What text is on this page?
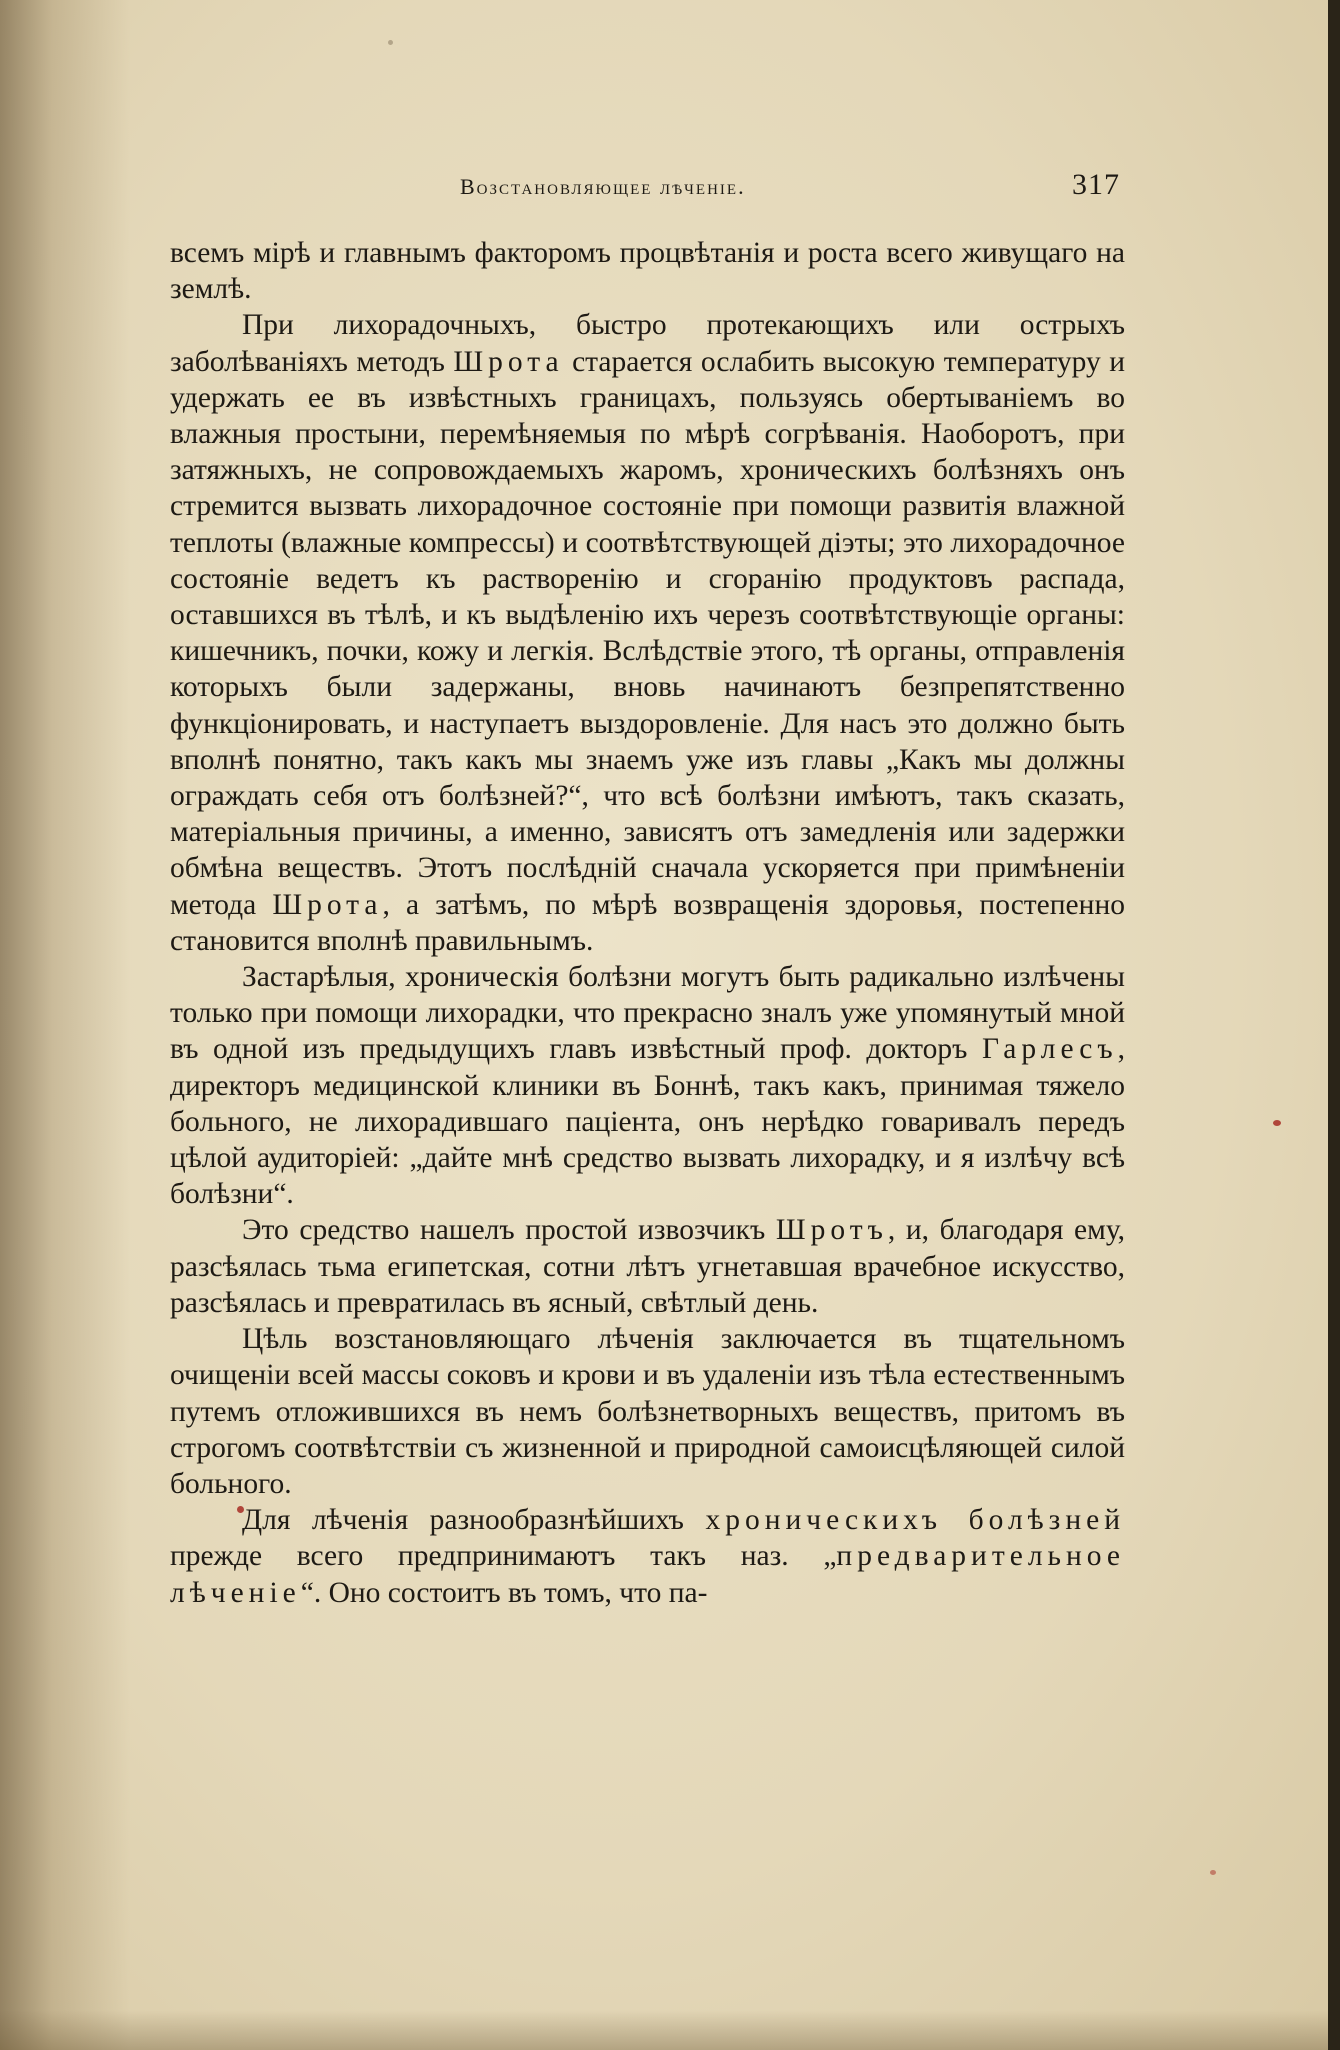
Возстановляющее лѣченіе.	317

всемъ мірѣ и главнымъ факторомъ процвѣтанія и роста всего живущаго на землѣ.

При лихорадочныхъ, быстро протекающихъ или острыхъ заболѣваніяхъ методъ Шрота старается ослабить высокую температуру и удержать ее въ извѣстныхъ границахъ, пользуясь обертываніемъ во влажныя простыни, перемѣняемыя по мѣрѣ согрѣванія. Наоборотъ, при затяжныхъ, не сопровождаемыхъ жаромъ, хроническихъ болѣзняхъ онъ стремится вызвать лихорадочное состояніе при помощи развитія влажной теплоты (влажные компрессы) и соотвѣтствующей діэты; это лихорадочное состояніе ведетъ къ растворенію и сгоранію продуктовъ распада, оставшихся въ тѣлѣ, и къ выдѣленію ихъ черезъ соотвѣтствующіе органы: кишечникъ, почки, кожу и легкія. Вслѣдствіе этого, тѣ органы, отправленія которыхъ были задержаны, вновь начинаютъ безпрепятственно функціонировать, и наступаетъ выздоровленіе. Для насъ это должно быть вполнѣ понятно, такъ какъ мы знаемъ уже изъ главы „Какъ мы должны ограждать себя отъ болѣзней?“, что всѣ болѣзни имѣютъ, такъ сказать, матеріальныя причины, а именно, зависятъ отъ замедленія или задержки обмѣна веществъ. Этотъ послѣдній сначала ускоряется при примѣненіи метода Шрота, а затѣмъ, по мѣрѣ возвращенія здоровья, постепенно становится вполнѣ правильнымъ.

Застарѣлыя, хроническія болѣзни могутъ быть радикально излѣчены только при помощи лихорадки, что прекрасно зналъ уже упомянутый мной въ одной изъ предыдущихъ главъ извѣстный проф. докторъ Гарлесъ, директоръ медицинской клиники въ Боннѣ, такъ какъ, принимая тяжело больного, не лихорадившаго паціента, онъ нерѣдко говаривалъ передъ цѣлой аудиторіей: „дайте мнѣ средство вызвать лихорадку, и я излѣчу всѣ болѣзни“.

Это средство нашелъ простой извозчикъ Шротъ, и, благодаря ему, разсѣялась тьма египетская, сотни лѣтъ угнетавшая врачебное искусство, разсѣялась и превратилась въ ясный, свѣтлый день.

Цѣль возстановляющаго лѣченія заключается въ тщательномъ очищеніи всей массы соковъ и крови и въ удаленіи изъ тѣла естественнымъ путемъ отложившихся въ немъ болѣзнетворныхъ веществъ, притомъ въ строгомъ соотвѣтствіи съ жизненной и природной самоисцѣляющей силой больного.

Для лѣченія разнообразнѣйшихъ хроническихъ болѣзней прежде всего предпринимаютъ такъ наз. „предварительное лѣченіе“. Оно состоитъ въ томъ, что па-
